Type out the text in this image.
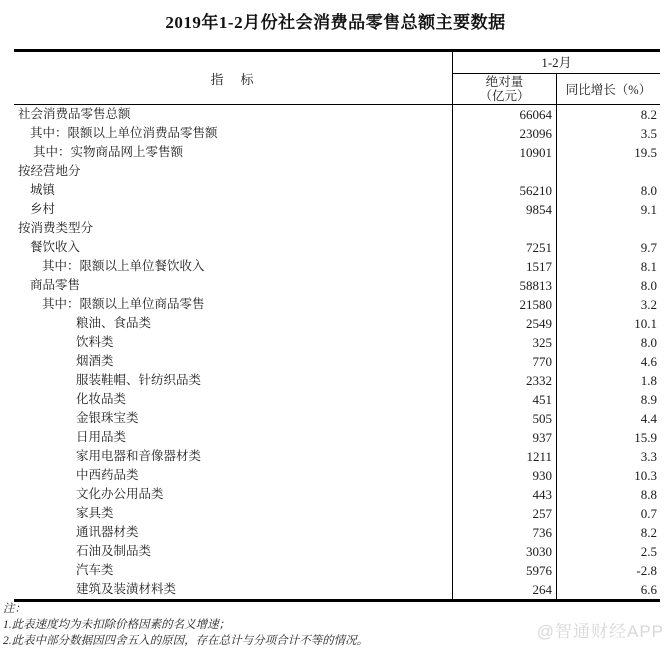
2019年1-2月份社会消费品零售总额主要数据
指　标
1-2月
绝对量
（亿元）	同比增长（%）
社会消费品零售总额	66064	8.2
其中：限额以上单位消费品零售额	23096	3.5
其中：实物商品网上零售额	10901	19.5
按经营地分
城镇	56210	8.0
乡村	9854	9.1
按消费类型分
餐饮收入	7251	9.7
其中：限额以上单位餐饮收入	1517	8.1
商品零售	58813	8.0
其中：限额以上单位商品零售	21580	3.2
粮油、食品类	2549	10.1
饮料类	325	8.0
烟酒类	770	4.6
服装鞋帽、针纺织品类	2332	1.8
化妆品类	451	8.9
金银珠宝类	505	4.4
日用品类	937	15.9
家用电器和音像器材类	1211	3.3
中西药品类	930	10.3
文化办公用品类	443	8.8
家具类	257	0.7
通讯器材类	736	8.2
石油及制品类	3030	2.5
汽车类	5976	-2.8
建筑及装潢材料类	264	6.6
注：
1.此表速度均为未扣除价格因素的名义增速；
2.此表中部分数据因四舍五入的原因，存在总计与分项合计不等的情况。	@智通财经APP
